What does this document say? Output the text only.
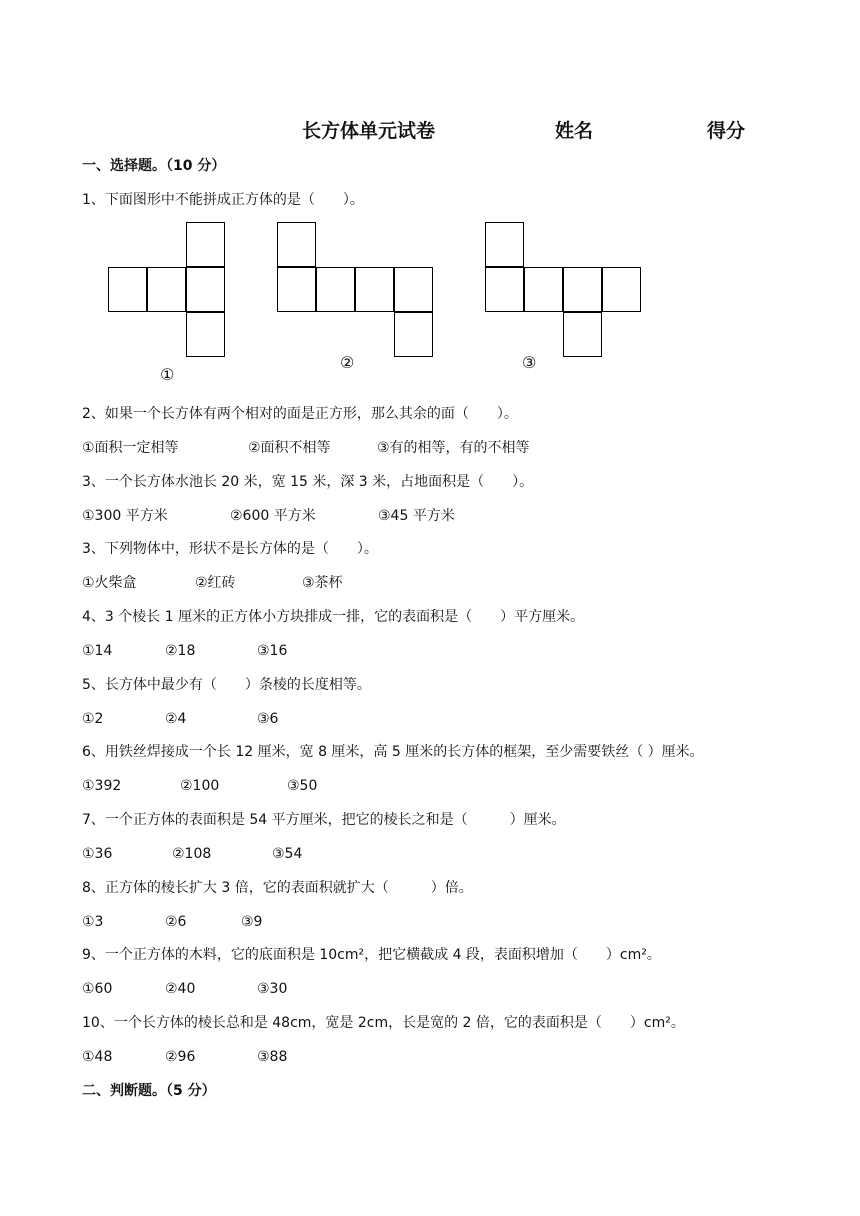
长方体单元试卷	姓名	得分
一、选择题。（10 分）
1、下面图形中不能拼成正方体的是（　　）。
①
②	③
2、如果一个长方体有两个相对的面是正方形，那么其余的面（　　）。
①面积一定相等	②面积不相等	③有的相等，有的不相等
3、一个长方体水池长 20 米，宽 15 米，深 3 米，占地面积是（　　）。
①300 平方米	②600 平方米	③45 平方米
3、下列物体中，形状不是长方体的是（　　）。
①火柴盒	②红砖	③茶杯
4、3 个棱长 1 厘米的正方体小方块排成一排，它的表面积是（　　）平方厘米。
①14	②18	③16
5、长方体中最少有（　　）条棱的长度相等。
①2	②4	③6
6、用铁丝焊接成一个长 12 厘米，宽 8 厘米，高 5 厘米的长方体的框架，至少需要铁丝（ ）厘米。
①392	②100	③50
7、一个正方体的表面积是 54 平方厘米，把它的棱长之和是（　　　）厘米。
①36	②108	③54
8、正方体的棱长扩大 3 倍，它的表面积就扩大（　　　）倍。
①3	②6	③9
9、一个正方体的木料，它的底面积是 10cm²，把它横截成 4 段，表面积增加（　　）cm²。
①60	②40	③30
10、一个长方体的棱长总和是 48cm，宽是 2cm，长是宽的 2 倍，它的表面积是（　　）cm²。
①48	②96	③88
二、判断题。（5 分）
